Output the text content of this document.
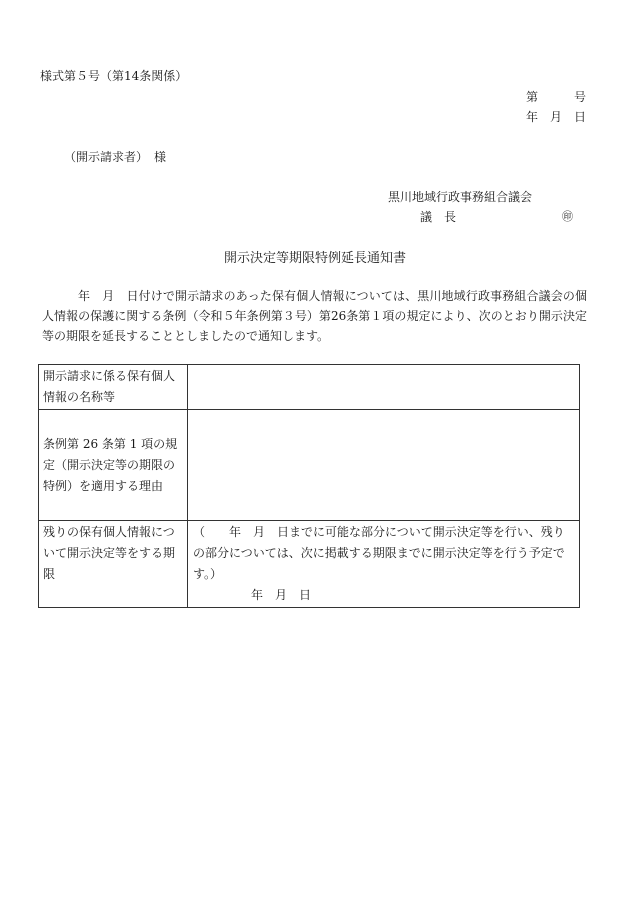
様式第５号（第14条関係）
第　　　号
年　月　日
（開示請求者）　様
黒川地域行政事務組合議会
議　長	㊞
開示決定等期限特例延長通知書
年　月　日付けで開示請求のあった保有個人情報については、黒川地域行政事務組合議会の個人情報の保護に関する条例（令和５年条例第３号）第26条第１項の規定により、次のとおり開示決定等の期限を延長することとしましたので通知します。
開示請求に係る保有個人情報の名称等	
条例第 26 条第 1 項の規定（開示決定等の期限の特例）を適用する理由	
残りの保有個人情報について開示決定等をする期限	（　　年　月　日までに可能な部分について開示決定等を行い、残りの部分については、次に掲載する期限までに開示決定等を行う予定です。）
年　月　日
